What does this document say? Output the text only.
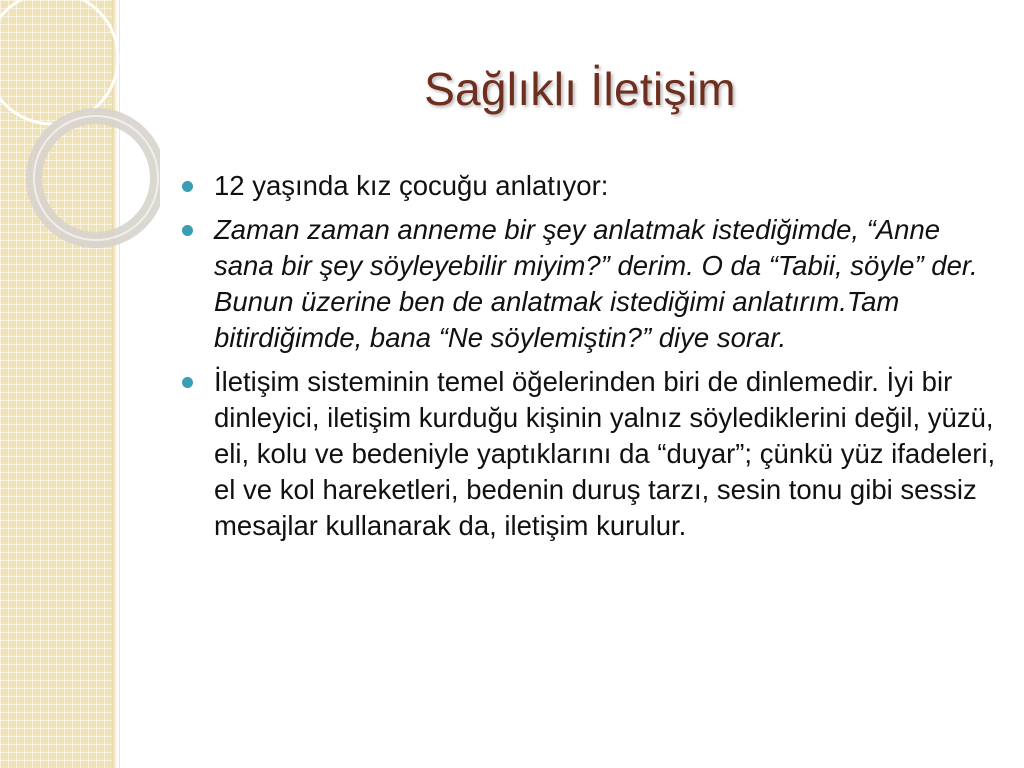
Sağlıklı İletişim
12 yaşında kız çocuğu anlatıyor:
Zaman zaman anneme bir şey anlatmak istediğimde, “Anne sana bir şey söyleyebilir miyim?” derim. O da “Tabii, söyle” der. Bunun üzerine ben de anlatmak istediğimi anlatırım.Tam bitirdiğimde, bana “Ne söylemiştin?” diye sorar.
İletişim sisteminin temel öğelerinden biri de dinlemedir. İyi bir dinleyici, iletişim kurduğu kişinin yalnız söylediklerini değil, yüzü, eli, kolu ve bedeniyle yaptıklarını da “duyar”; çünkü yüz ifadeleri, el ve kol hareketleri, bedenin duruş tarzı, sesin tonu gibi sessiz mesajlar kullanarak da, iletişim kurulur.
